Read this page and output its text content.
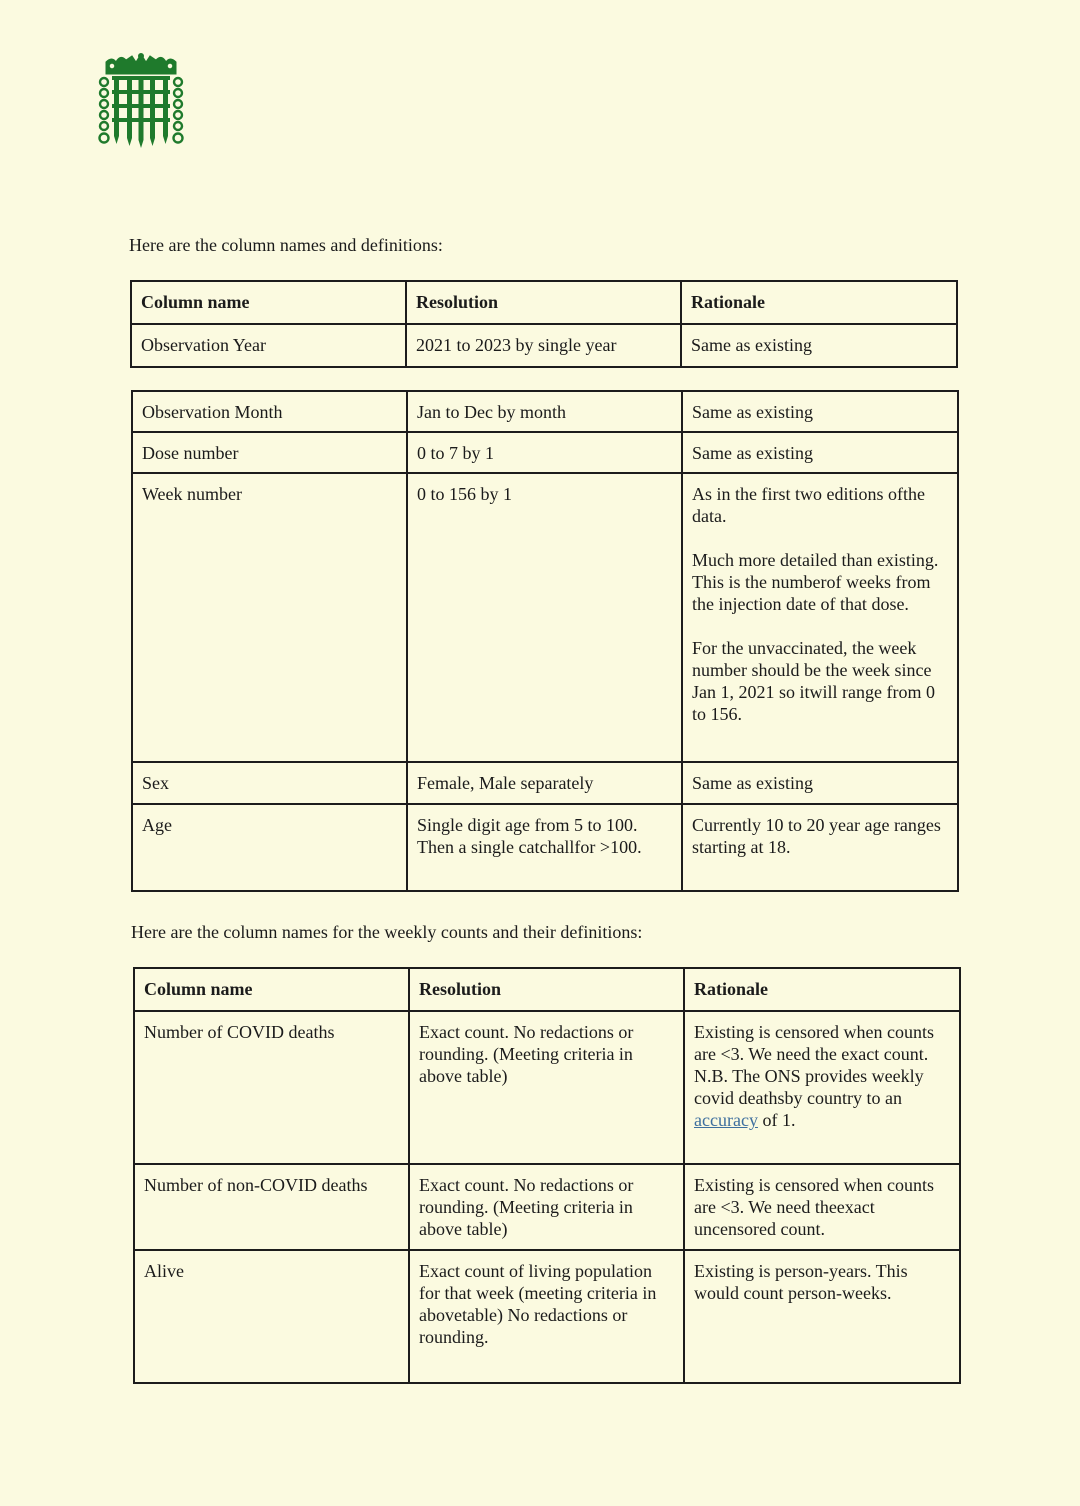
Here are the column names and definitions:

Column name	Resolution	Rationale
Observation Year	2021 to 2023 by single year	Same as existing
Observation Month	Jan to Dec by month	Same as existing
Dose number	0 to 7 by 1	Same as existing
Week number	0 to 156 by 1	As in the first two editions ofthe data.
Much more detailed than existing. This is the numberof weeks from the injection date of that dose.
For the unvaccinated, the week number should be the week since Jan 1, 2021 so itwill range from 0 to 156.

Sex	Female, Male separately	Same as existing
Age	Single digit age from 5 to 100. Then a single catchallfor >100.	Currently 10 to 20 year age ranges starting at 18.

Here are the column names for the weekly counts and their definitions:

Column name	Resolution	Rationale
Number of COVID deaths	Exact count. No redactions or rounding. (Meeting criteria in above table)	Existing is censored when counts are <3. We need the exact count. N.B. The ONS provides weekly covid deathsby country to an accuracy of 1.
Number of non-COVID deaths	Exact count. No redactions or rounding. (Meeting criteria in above table)	Existing is censored when counts are <3. We need theexact uncensored count.
Alive	Exact count of living population for that week (meeting criteria in abovetable) No redactions or rounding.	Existing is person-years. This would count person-weeks.
